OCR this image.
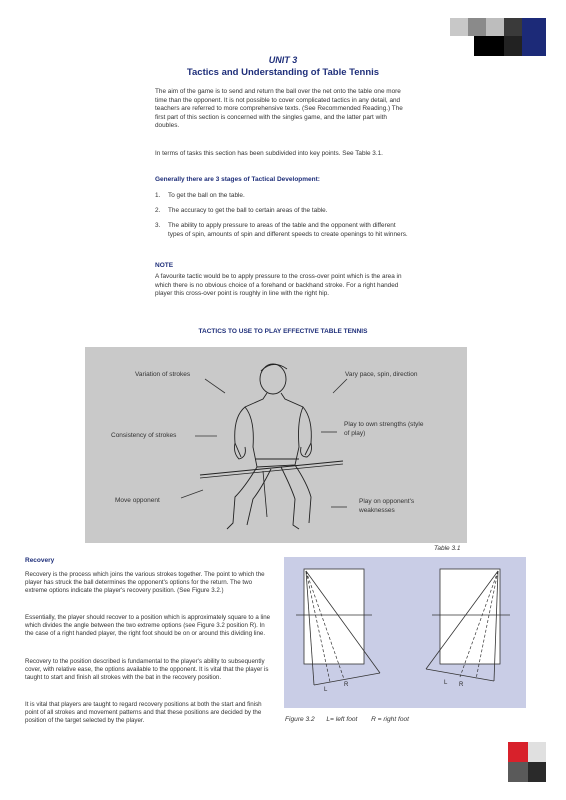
UNIT 3
Tactics and Understanding of Table Tennis

The aim of the game is to send and return the ball over the net onto the table one more time than the opponent. It is not possible to cover complicated tactics in any detail, and teachers are referred to more comprehensive texts. (See Recommended Reading.) The first part of this section is concerned with the singles game, and the latter part with doubles.

In terms of tasks this section has been subdivided into key points. See Table 3.1.

Generally there are 3 stages of Tactical Development:
1. To get the ball on the table.
2. The accuracy to get the ball to certain areas of the table.
3. The ability to apply pressure to areas of the table and the opponent with different types of spin, amounts of spin and different speeds to create openings to hit winners.
NOTE

A favourite tactic would be to apply pressure to the cross-over point which is the area in which there is no obvious choice of a forehand or backhand stroke. For a right handed player this cross-over point is roughly in line with the right hip.

TACTICS TO USE TO PLAY EFFECTIVE TABLE TENNIS
Variation of strokes	Vary pace, spin, direction
Consistency of strokes
Play to own strengths (style of play)
Move opponent	Play on opponent's weaknesses
Table 3.1
Recovery

Recovery is the process which joins the various strokes together. The point to which the player has struck the ball determines the opponent's options for the return. The two extreme options indicate the player's recovery position. (See Figure 3.2.)

Essentially, the player should recover to a position which is approximately square to a line which divides the angle between the two extreme options (see Figure 3.2 position R). In the case of a right handed player, the right foot should be on or around this dividing line.

Recovery to the position described is fundamental to the player's ability to subsequently cover, with relative ease, the options available to the opponent. It is vital that the player is taught to start and finish all strokes with the bat in the recovery position.

It is vital that players are taught to regard recovery positions at both the start and finish point of all strokes and movement patterns and that these positions are decided by the position of the target selected by the player.

L
R	L R
Figure 3.2 L= left foot R = right foot
